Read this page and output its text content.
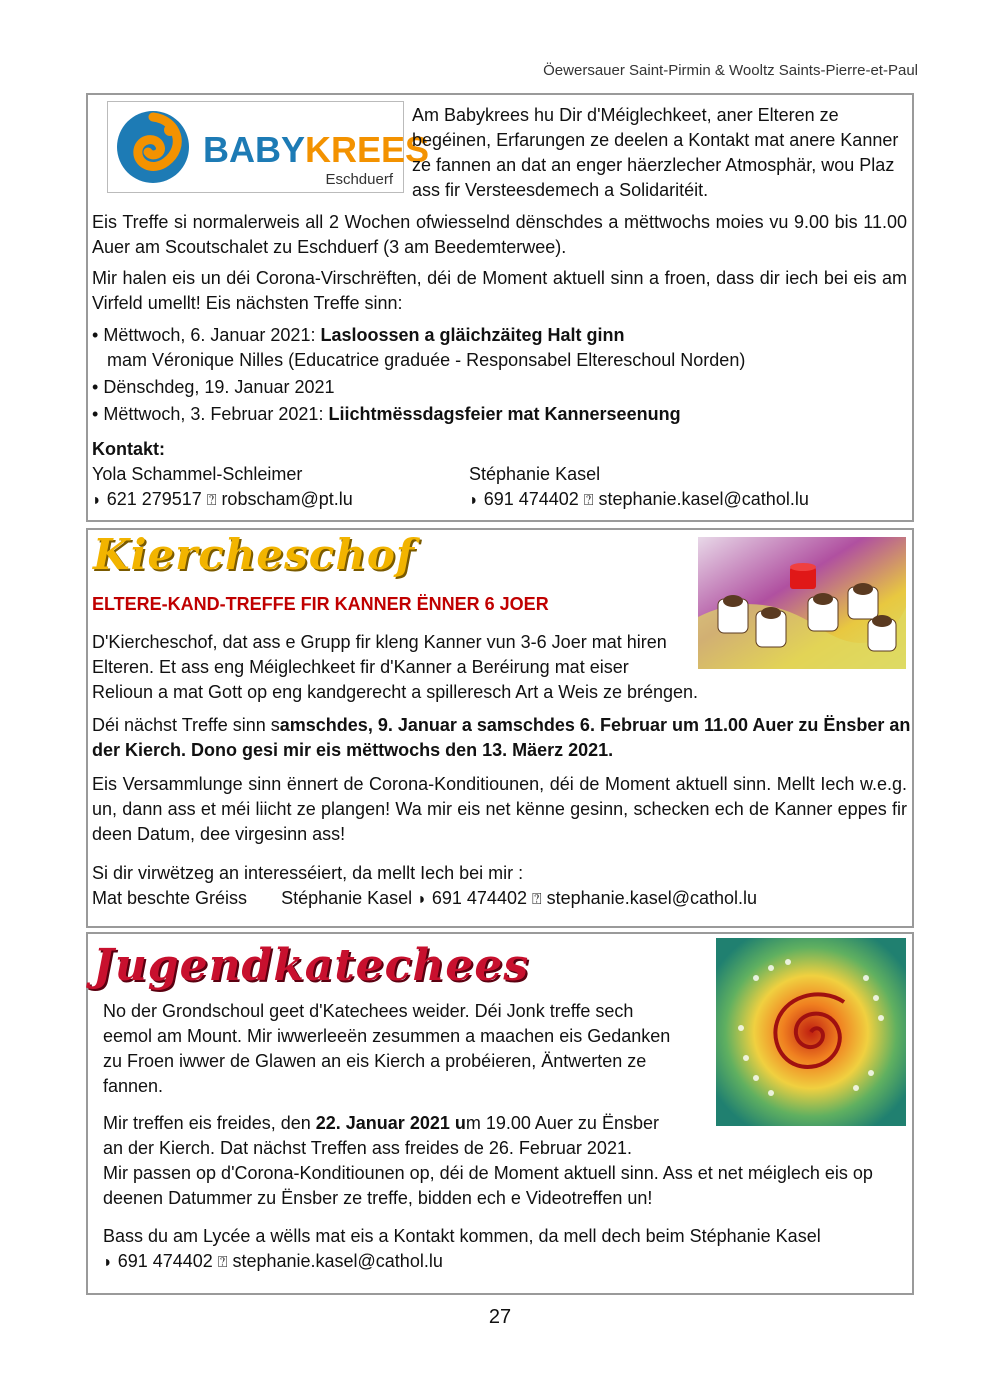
Öewersauer Saint-Pirmin & Wooltz Saints-Pierre-et-Paul
BABYKREES
Eschduerf
Am Babykrees hu Dir d'Méiglechkeet, aner Elteren ze
begéinen, Erfarungen ze deelen a Kontakt mat anere Kanner
ze fannen an dat an enger häerzlecher Atmosphär, wou Plaz
ass fir Versteesdemech a Solidaritéit.
Eis Treffe si normalerweis all 2 Wochen ofwiesselnd dënschdes a mëttwochs moies vu 9.00 bis 11.00 Auer am Scoutschalet zu Eschduerf (3 am Beedemterwee).
Mir halen eis un déi Corona-Virschrëften, déi de Moment aktuell sinn a froen, dass dir iech bei eis am Virfeld umellt! Eis nächsten Treffe sinn:
• Mëttwoch, 6. Januar 2021: Lasloossen a gläichzäiteg Halt ginn
mam Véronique Nilles (Educatrice graduée - Responsabel Eltereschoul Norden)
• Dënschdeg, 19. Januar 2021
• Mëttwoch, 3. Februar 2021: Liichtmëssdagsfeier mat Kannerseenung
Kontakt:
Yola Schammel-Schleimer	Stéphanie Kasel
◗ 621 279517 ⍰ robscham@pt.lu	◗ 691 474402 ⍰ stephanie.kasel@cathol.lu
Kiercheschof
ELTERE-KAND-TREFFE FIR KANNER ËNNER 6 JOER
D'Kiercheschof, dat ass e Grupp fir kleng Kanner vun 3-6 Joer mat hiren
Elteren. Et ass eng Méiglechkeet fir d'Kanner a Beréirung mat eiser
Relioun a mat Gott op eng kandgerecht a spilleresch Art a Weis ze bréngen.
Déi nächst Treffe sinn samschdes, 9. Januar a samschdes 6. Februar um 11.00 Auer zu Ënsber an
der Kierch. Dono gesi mir eis mëttwochs den 13. Mäerz 2021.
Eis Versammlunge sinn ënnert de Corona-Konditiounen, déi de Moment aktuell sinn. Mellt Iech w.e.g. un, dann ass et méi liicht ze plangen! Wa mir eis net kënne gesinn, schecken ech de Kanner eppes fir deen Datum, dee virgesinn ass!
Si dir virwëtzeg an interesséiert, da mellt Iech bei mir :
Mat beschte Gréiss Stéphanie Kasel ◗ 691 474402 ⍰ stephanie.kasel@cathol.lu
Jugendkatechees
No der Grondschoul geet d'Katechees weider. Déi Jonk treffe sech
eemol am Mount. Mir iwwerleeën zesummen a maachen eis Gedanken
zu Froen iwwer de Glawen an eis Kierch a probéieren, Äntwerten ze
fannen.
Mir treffen eis freides, den 22. Januar 2021 um 19.00 Auer zu Ënsber
an der Kierch. Dat nächst Treffen ass freides de 26. Februar 2021.
Mir passen op d'Corona-Konditiounen op, déi de Moment aktuell sinn. Ass et net méiglech eis op
deenen Datummer zu Ënsber ze treffe, bidden ech e Videotreffen un!
Bass du am Lycée a wëlls mat eis a Kontakt kommen, da mell dech beim Stéphanie Kasel
◗ 691 474402 ⍰ stephanie.kasel@cathol.lu
27
